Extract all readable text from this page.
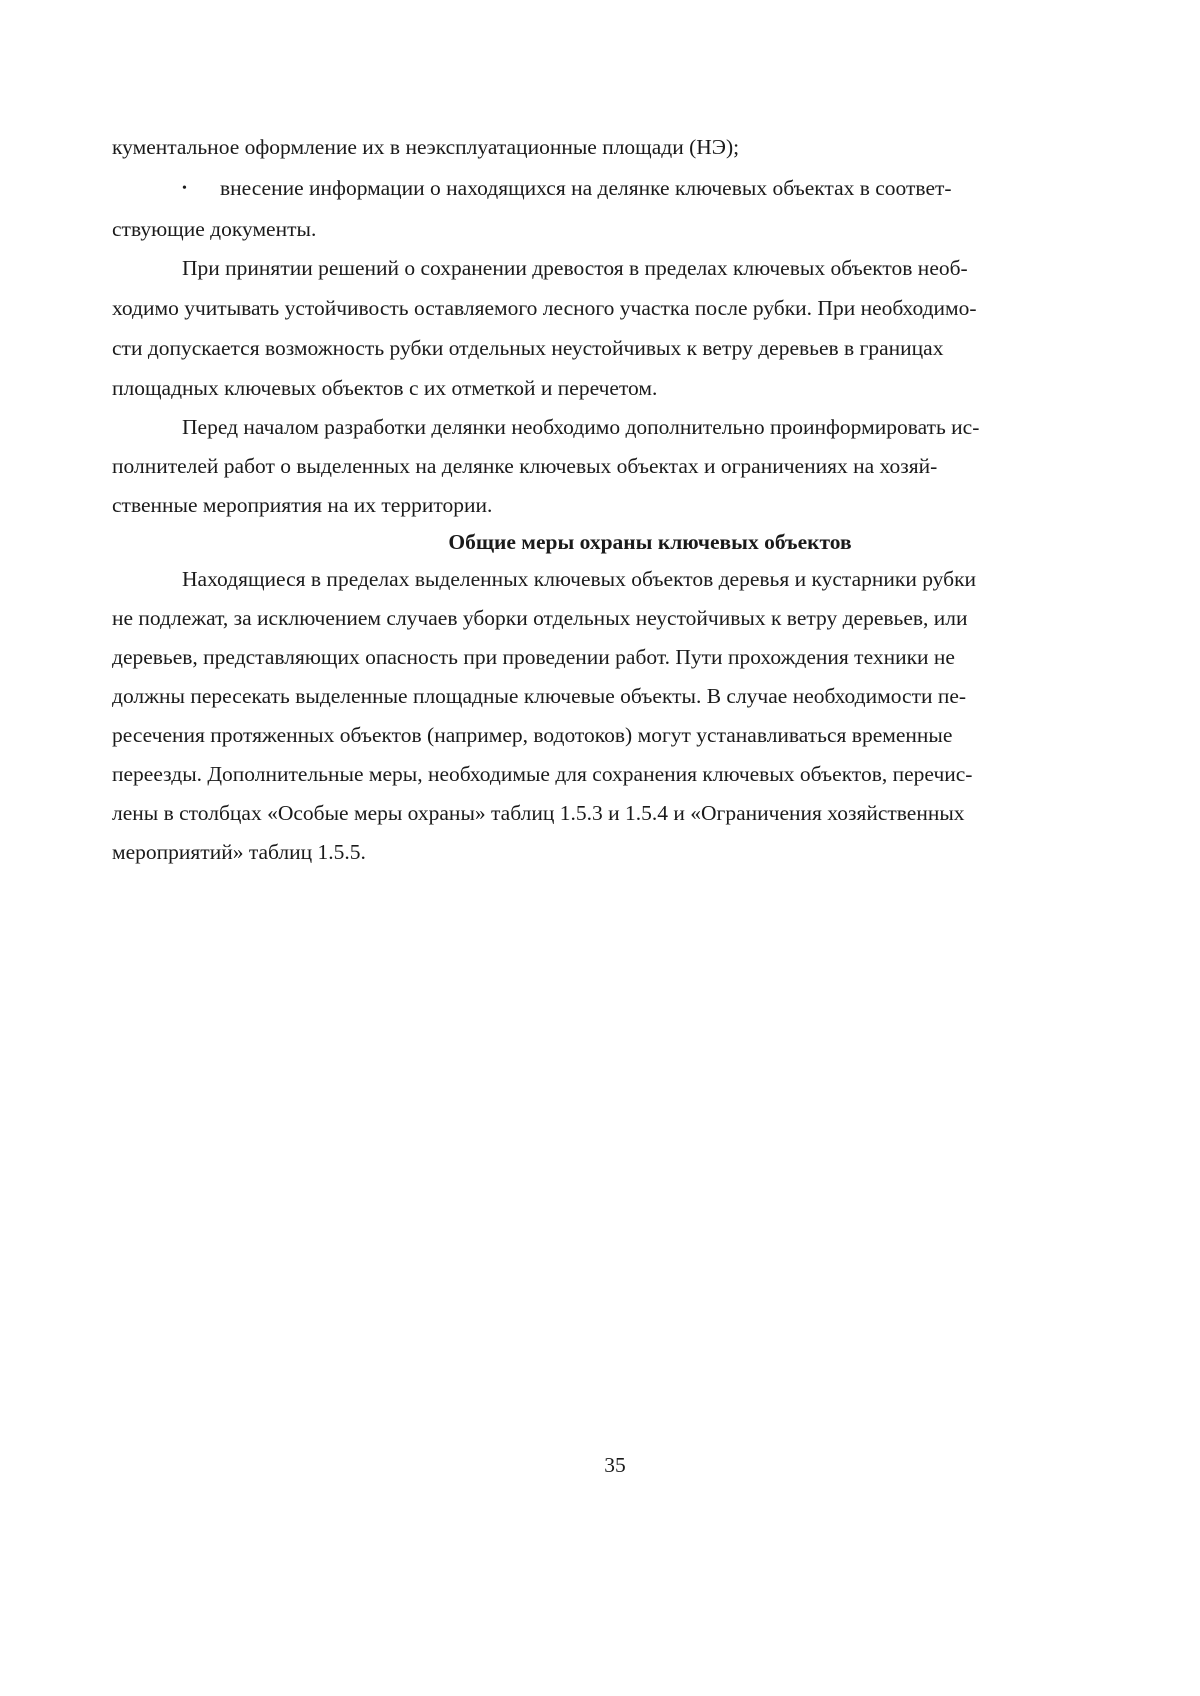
кументальное оформление их в неэксплуатационные площади (НЭ);
• внесение информации о находящихся на делянке ключевых объектах в соответ-
ствующие документы.
При принятии решений о сохранении древостоя в пределах ключевых объектов необ-
ходимо учитывать устойчивость оставляемого лесного участка после рубки. При необходимо-
сти допускается возможность рубки отдельных неустойчивых к ветру деревьев в границах
площадных ключевых объектов с их отметкой и перечетом.
Перед началом разработки делянки необходимо дополнительно проинформировать ис-
полнителей работ о выделенных на делянке ключевых объектах и ограничениях на хозяй-
ственные мероприятия на их территории.
Общие меры охраны ключевых объектов
Находящиеся в пределах выделенных ключевых объектов деревья и кустарники рубки
не подлежат, за исключением случаев уборки отдельных неустойчивых к ветру деревьев, или
деревьев, представляющих опасность при проведении работ. Пути прохождения техники не
должны пересекать выделенные площадные ключевые объекты. В случае необходимости пе-
ресечения протяженных объектов (например, водотоков) могут устанавливаться временные
переезды. Дополнительные меры, необходимые для сохранения ключевых объектов, перечис-
лены в столбцах «Особые меры охраны» таблиц 1.5.3 и 1.5.4 и «Ограничения хозяйственных
мероприятий» таблиц 1.5.5.
35
